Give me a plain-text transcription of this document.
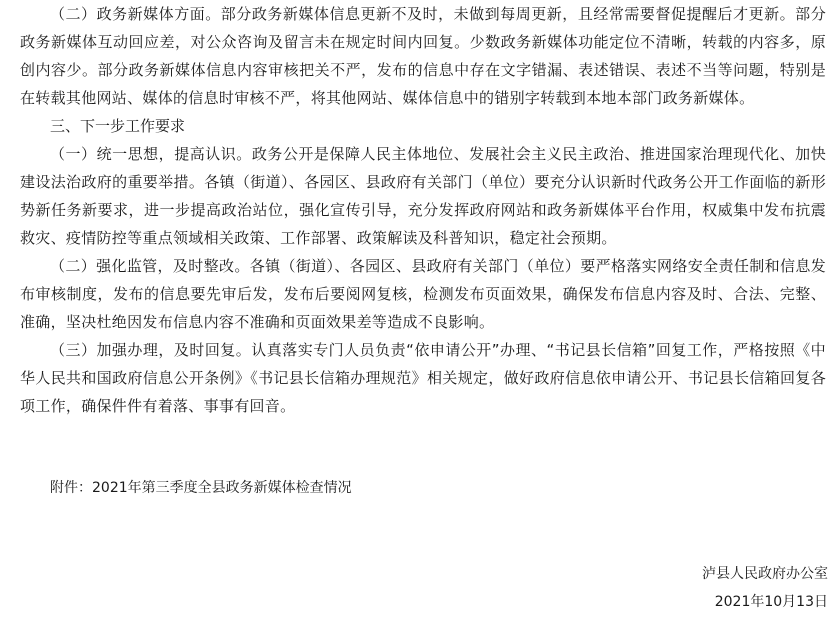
（二）政务新媒体方面。部分政务新媒体信息更新不及时，未做到每周更新，且经常需要督促提醒后才更新。部分政务新媒体互动回应差，对公众咨询及留言未在规定时间内回复。少数政务新媒体功能定位不清晰，转载的内容多，原创内容少。部分政务新媒体信息内容审核把关不严，发布的信息中存在文字错漏、表述错误、表述不当等问题，特别是在转载其他网站、媒体的信息时审核不严，将其他网站、媒体信息中的错别字转载到本地本部门政务新媒体。

三、下一步工作要求

（一）统一思想，提高认识。政务公开是保障人民主体地位、发展社会主义民主政治、推进国家治理现代化、加快建设法治政府的重要举措。各镇（街道）、各园区、县政府有关部门（单位）要充分认识新时代政务公开工作面临的新形势新任务新要求，进一步提高政治站位，强化宣传引导，充分发挥政府网站和政务新媒体平台作用，权威集中发布抗震救灾、疫情防控等重点领域相关政策、工作部署、政策解读及科普知识，稳定社会预期。

（二）强化监管，及时整改。各镇（街道）、各园区、县政府有关部门（单位）要严格落实网络安全责任制和信息发布审核制度，发布的信息要先审后发，发布后要阅网复核，检测发布页面效果，确保发布信息内容及时、合法、完整、准确，坚决杜绝因发布信息内容不准确和页面效果差等造成不良影响。

（三）加强办理，及时回复。认真落实专门人员负责“依申请公开”办理、“书记县长信箱”回复工作，严格按照《中华人民共和国政府信息公开条例》《书记县长信箱办理规范》相关规定，做好政府信息依申请公开、书记县长信箱回复各项工作，确保件件有着落、事事有回音。

附件：2021年第三季度全县政务新媒体检查情况

泸县人民政府办公室
2021年10月13日
